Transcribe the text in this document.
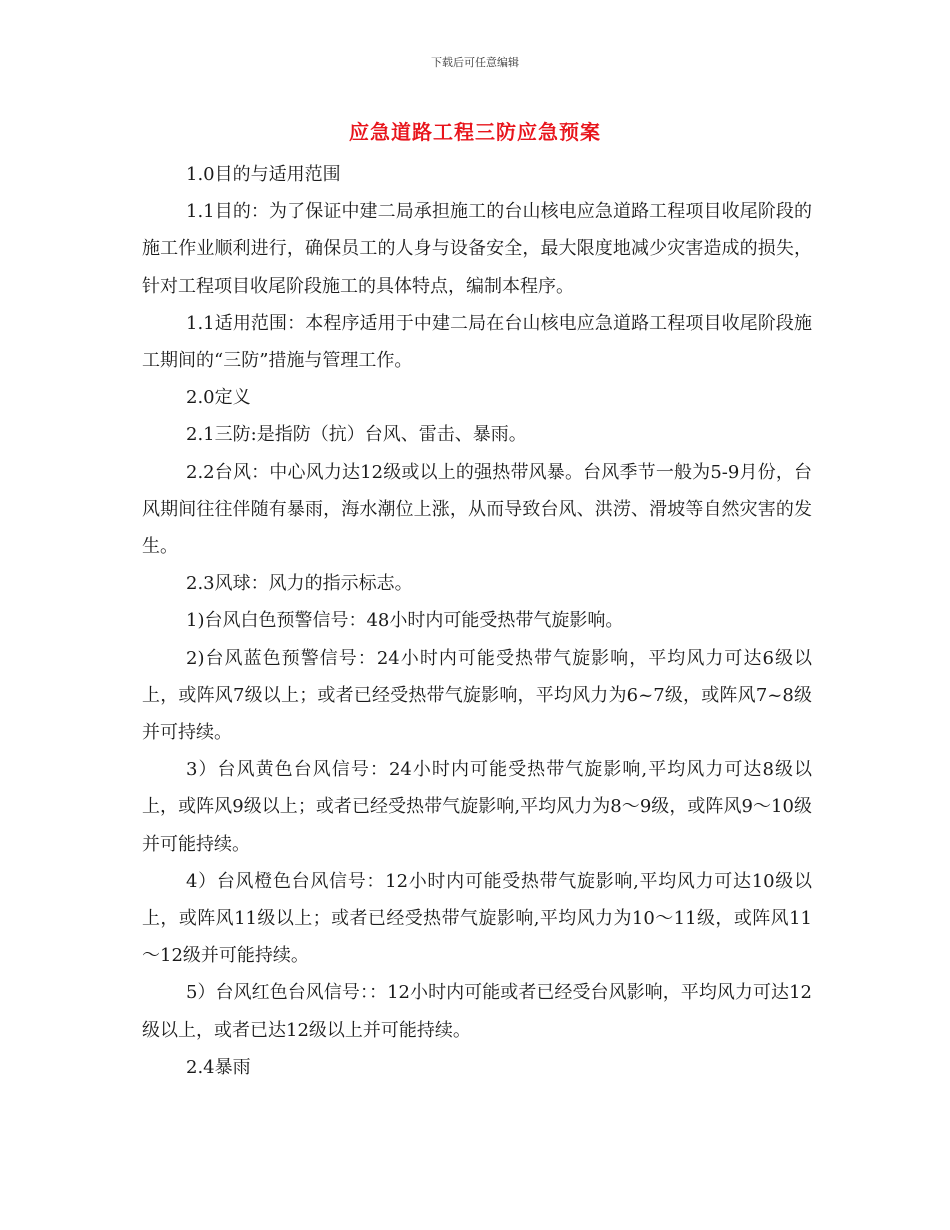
下载后可任意编辑
应急道路工程三防应急预案

1.0目的与适用范围

1.1目的：为了保证中建二局承担施工的台山核电应急道路工程项目收尾阶段的施工作业顺利进行，确保员工的人身与设备安全，最大限度地减少灾害造成的损失，针对工程项目收尾阶段施工的具体特点，编制本程序。

1.1适用范围：本程序适用于中建二局在台山核电应急道路工程项目收尾阶段施工期间的“三防”措施与管理工作。

2.0定义

2.1三防:是指防（抗）台风、雷击、暴雨。

2.2台风：中心风力达12级或以上的强热带风暴。台风季节一般为5-9月份，台风期间往往伴随有暴雨，海水潮位上涨，从而导致台风、洪涝、滑坡等自然灾害的发生。

2.3风球：风力的指示标志。

1)台风白色预警信号：48小时内可能受热带气旋影响。

2)台风蓝色预警信号：24小时内可能受热带气旋影响，平均风力可达6级以上，或阵风7级以上；或者已经受热带气旋影响，平均风力为6~7级，或阵风7~8级并可持续。

3）台风黄色台风信号：24小时内可能受热带气旋影响,平均风力可达8级以上，或阵风9级以上；或者已经受热带气旋影响,平均风力为8～9级，或阵风9～10级并可能持续。

4）台风橙色台风信号：12小时内可能受热带气旋影响,平均风力可达10级以上，或阵风11级以上；或者已经受热带气旋影响,平均风力为10～11级，或阵风11～12级并可能持续。

5）台风红色台风信号：：12小时内可能或者已经受台风影响，平均风力可达12级以上，或者已达12级以上并可能持续。

2.4暴雨
